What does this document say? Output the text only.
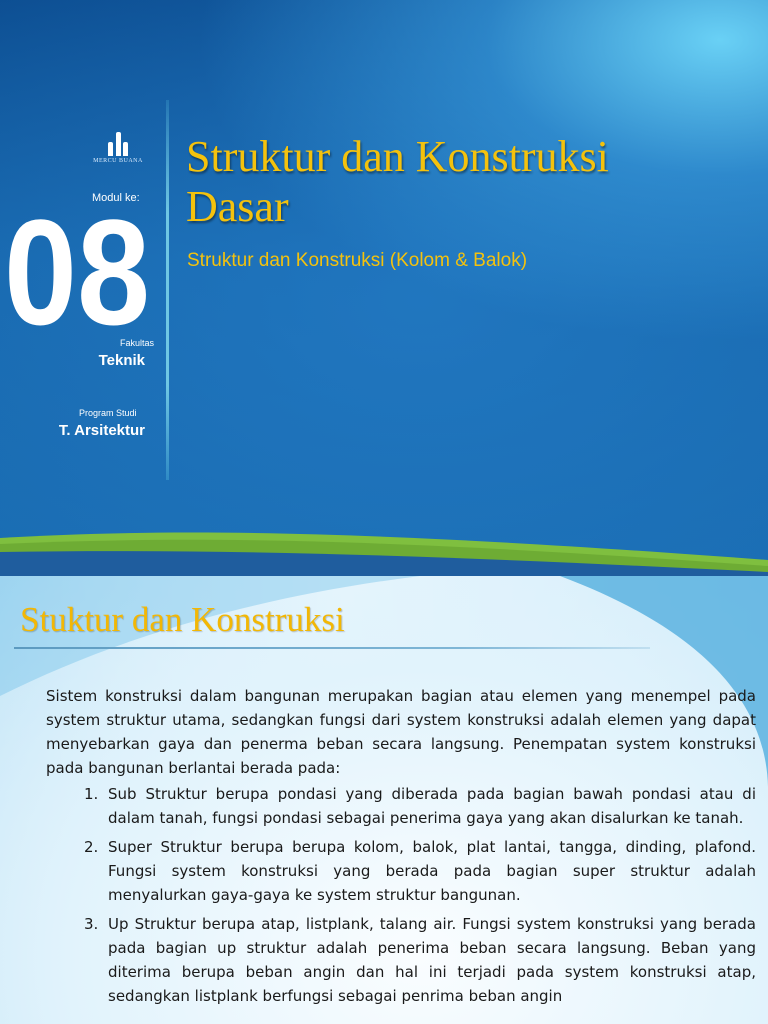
MERCU BUANA
Modul ke:
08
Fakultas
Teknik
Program Studi
T. Arsitektur
Struktur dan Konstruksi
Dasar
Struktur dan Konstruksi (Kolom & Balok)
Stuktur dan Konstruksi

Sistem konstruksi dalam bangunan merupakan bagian atau elemen yang menempel pada system struktur utama, sedangkan fungsi dari system konstruksi adalah elemen yang dapat menyebarkan gaya dan penerma beban secara langsung. Penempatan system konstruksi pada bangunan berlantai berada pada:

1. Sub Struktur berupa pondasi yang diberada pada bagian bawah pondasi atau di dalam tanah, fungsi pondasi sebagai penerima gaya yang akan disalurkan ke tanah.
2. Super Struktur berupa berupa kolom, balok, plat lantai, tangga, dinding, plafond. Fungsi system konstruksi yang berada pada bagian super struktur adalah menyalurkan gaya-gaya ke system struktur bangunan.
3. Up Struktur berupa atap, listplank, talang air. Fungsi system konstruksi yang berada pada bagian up struktur adalah penerima beban secara langsung. Beban yang diterima berupa beban angin dan hal ini terjadi pada system konstruksi atap, sedangkan listplank berfungsi sebagai penrima beban angin
